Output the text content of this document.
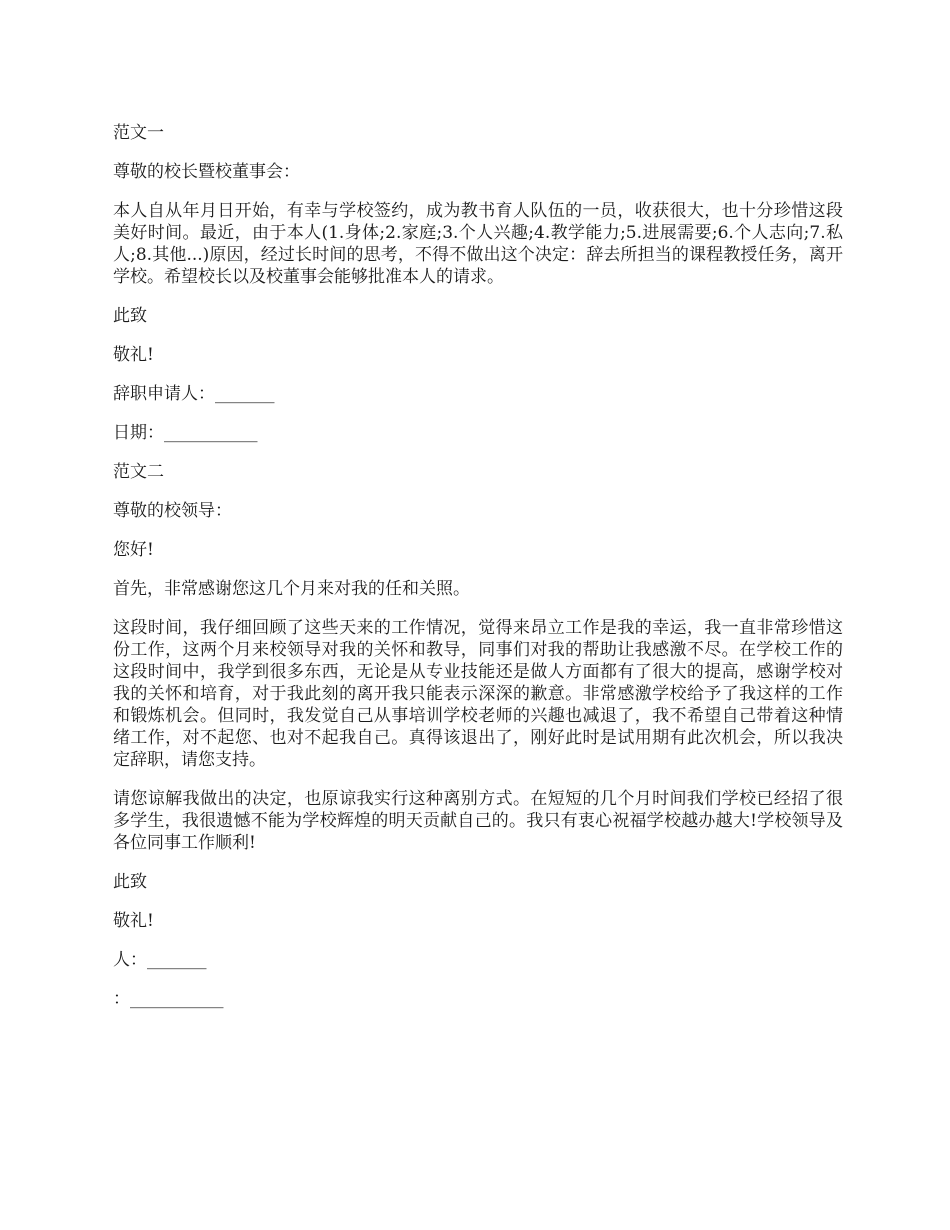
范文一

尊敬的校长暨校董事会：

本人自从年月日开始，有幸与学校签约，成为教书育人队伍的一员，收获很大，也十分珍惜这段美好时间。最近，由于本人(1.身体;2.家庭;3.个人兴趣;4.教学能力;5.进展需要;6.个人志向;7.私人;8.其他...)原因，经过长时间的思考，不得不做出这个决定：辞去所担当的课程教授任务，离开学校。希望校长以及校董事会能够批准本人的请求。

此致

敬礼!

辞职申请人：_______

日期：___________

范文二

尊敬的校领导：

您好!

首先，非常感谢您这几个月来对我的任和关照。

这段时间，我仔细回顾了这些天来的工作情况，觉得来昂立工作是我的幸运，我一直非常珍惜这份工作，这两个月来校领导对我的关怀和教导，同事们对我的帮助让我感激不尽。在学校工作的这段时间中，我学到很多东西，无论是从专业技能还是做人方面都有了很大的提高，感谢学校对我的关怀和培育，对于我此刻的离开我只能表示深深的歉意。非常感激学校给予了我这样的工作和锻炼机会。但同时，我发觉自己从事培训学校老师的兴趣也减退了，我不希望自己带着这种情绪工作，对不起您、也对不起我自己。真得该退出了，刚好此时是试用期有此次机会，所以我决定辞职，请您支持。

请您谅解我做出的决定，也原谅我实行这种离别方式。在短短的几个月时间我们学校已经招了很多学生，我很遗憾不能为学校辉煌的明天贡献自己的。我只有衷心祝福学校越办越大!学校领导及各位同事工作顺利!

此致

敬礼!

人：_______

：___________
